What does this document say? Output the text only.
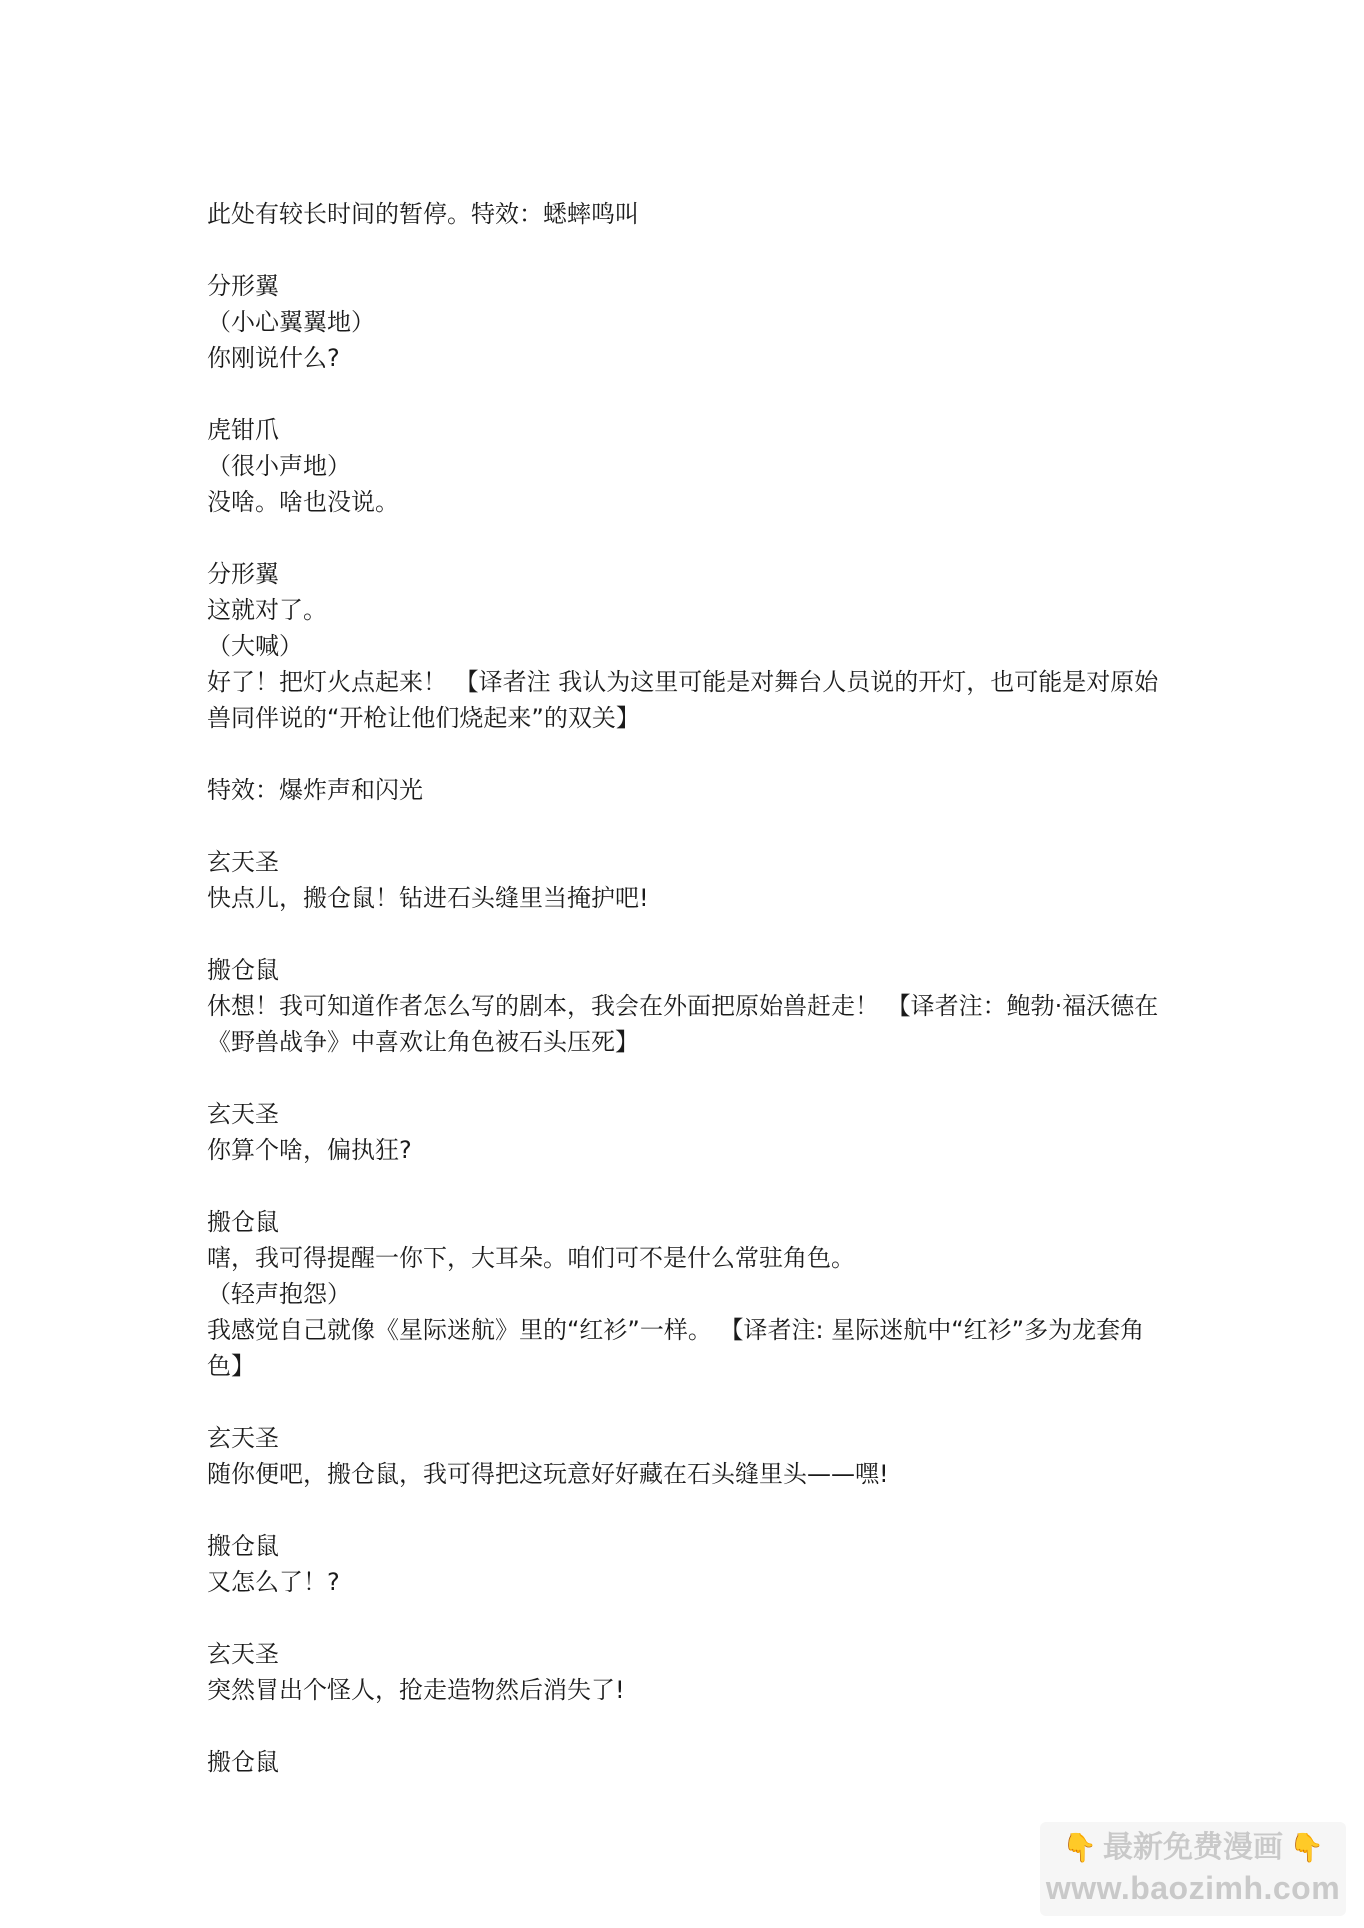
此处有较长时间的暂停。特效：蟋蟀鸣叫
分形翼
（小心翼翼地）
你刚说什么?
虎钳爪
（很小声地）
没啥。啥也没说。
分形翼
这就对了。
（大喊）
好了！把灯火点起来！ 【译者注 我认为这里可能是对舞台人员说的开灯，也可能是对原始
兽同伴说的“开枪让他们烧起来”的双关】
特效：爆炸声和闪光
玄天圣
快点儿，搬仓鼠！钻进石头缝里当掩护吧!
搬仓鼠
休想！我可知道作者怎么写的剧本，我会在外面把原始兽赶走！ 【译者注：鲍勃·福沃德在
《野兽战争》中喜欢让角色被石头压死】
玄天圣
你算个啥，偏执狂?
搬仓鼠
嗐，我可得提醒一你下，大耳朵。咱们可不是什么常驻角色。
（轻声抱怨）
我感觉自己就像《星际迷航》里的“红衫”一样。 【译者注: 星际迷航中“红衫”多为龙套角色】
玄天圣
随你便吧，搬仓鼠，我可得把这玩意好好藏在石头缝里头——嘿!
搬仓鼠
又怎么了！?
玄天圣
突然冒出个怪人，抢走造物然后消失了!
搬仓鼠
👇 最新免费漫画 👇
www.baozimh.com
